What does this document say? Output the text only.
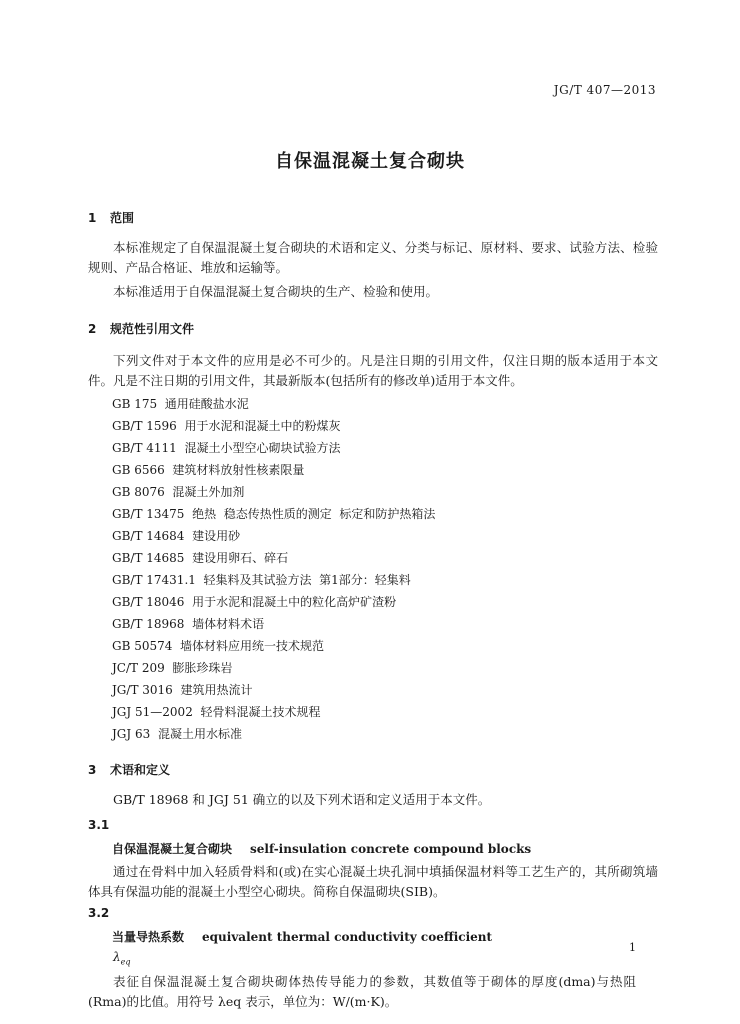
JG/T 407—2013
自保温混凝土复合砌块
1 范围

本标准规定了自保温混凝土复合砌块的术语和定义、分类与标记、原材料、要求、试验方法、检验规则、产品合格证、堆放和运输等。

本标准适用于自保温混凝土复合砌块的生产、检验和使用。

2 规范性引用文件

下列文件对于本文件的应用是必不可少的。凡是注日期的引用文件，仅注日期的版本适用于本文件。凡是不注日期的引用文件，其最新版本(包括所有的修改单)适用于本文件。

GB 175 通用硅酸盐水泥
GB/T 1596 用于水泥和混凝土中的粉煤灰
GB/T 4111 混凝土小型空心砌块试验方法
GB 6566 建筑材料放射性核素限量
GB 8076 混凝土外加剂
GB/T 13475 绝热  稳态传热性质的测定  标定和防护热箱法
GB/T 14684 建设用砂
GB/T 14685 建设用卵石、碎石
GB/T 17431.1 轻集料及其试验方法  第1部分：轻集料
GB/T 18046 用于水泥和混凝土中的粒化高炉矿渣粉
GB/T 18968 墙体材料术语
GB 50574 墙体材料应用统一技术规范
JC/T 209 膨胀珍珠岩
JG/T 3016 建筑用热流计
JGJ 51—2002 轻骨料混凝土技术规程
JGJ 63 混凝土用水标准
3 术语和定义

GB/T 18968 和 JGJ 51 确立的以及下列术语和定义适用于本文件。

3.1
自保温混凝土复合砌块 self-insulation concrete compound blocks

通过在骨料中加入轻质骨料和(或)在实心混凝土块孔洞中填插保温材料等工艺生产的，其所砌筑墙体具有保温功能的混凝土小型空心砌块。简称自保温砌块(SIB)。

3.2
当量导热系数 equivalent thermal conductivity coefficient
$\lambda_{eq}$

表征自保温混凝土复合砌块砌体热传导能力的参数，其数值等于砌体的厚度(dma)与热阻(Rma)的比值。用符号 λeq 表示，单位为：W/(m·K)。

1
